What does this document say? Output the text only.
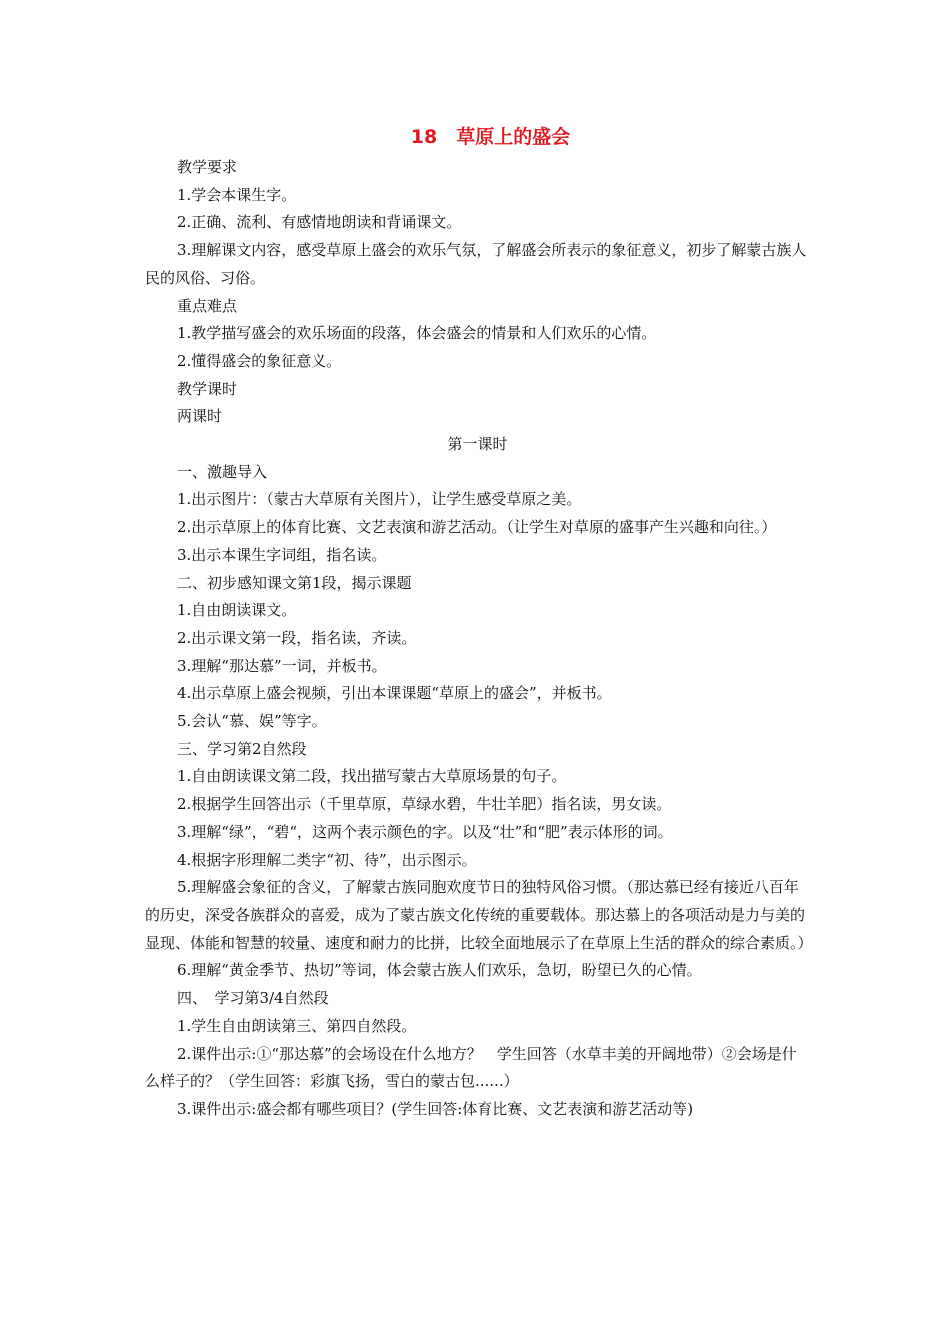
18　草原上的盛会

教学要求

1.学会本课生字。

2.正确、流利、有感情地朗读和背诵课文。

3.理解课文内容，感受草原上盛会的欢乐气氛，了解盛会所表示的象征意义，初步了解蒙古族人民的风俗、习俗。

重点难点

1.教学描写盛会的欢乐场面的段落，体会盛会的情景和人们欢乐的心情。

2.懂得盛会的象征意义。

教学课时

两课时

第一课时

一、激趣导入

1.出示图片：（蒙古大草原有关图片），让学生感受草原之美。

2.出示草原上的体育比赛、文艺表演和游艺活动。（让学生对草原的盛事产生兴趣和向往。）

3.出示本课生字词组，指名读。

二、初步感知课文第1段，揭示课题

1.自由朗读课文。

2.出示课文第一段，指名读，齐读。

3.理解“那达慕”一词，并板书。

4.出示草原上盛会视频，引出本课课题“草原上的盛会”，并板书。

5.会认“慕、娱”等字。

三、学习第2自然段

1.自由朗读课文第二段，找出描写蒙古大草原场景的句子。

2.根据学生回答出示（千里草原，草绿水碧，牛壮羊肥）指名读，男女读。

3.理解“绿”，“碧“，这两个表示颜色的字。以及“壮”和“肥”表示体形的词。

4.根据字形理解二类字“初、待”，出示图示。

5.理解盛会象征的含义，了解蒙古族同胞欢度节日的独特风俗习惯。（那达慕已经有接近八百年的历史，深受各族群众的喜爱，成为了蒙古族文化传统的重要载体。那达慕上的各项活动是力与美的显现、体能和智慧的较量、速度和耐力的比拼，比较全面地展示了在草原上生活的群众的综合素质。）

6.理解“黄金季节、热切”等词，体会蒙古族人们欢乐，急切，盼望已久的心情。

四、　学习第3/4自然段

1.学生自由朗读第三、第四自然段。

2.课件出示:①“那达慕”的会场设在什么地方？　学生回答（水草丰美的开阔地带）②会场是什么样子的？（学生回答：彩旗飞扬，雪白的蒙古包......）

3.课件出示:盛会都有哪些项目？(学生回答:体育比赛、文艺表演和游艺活动等)
